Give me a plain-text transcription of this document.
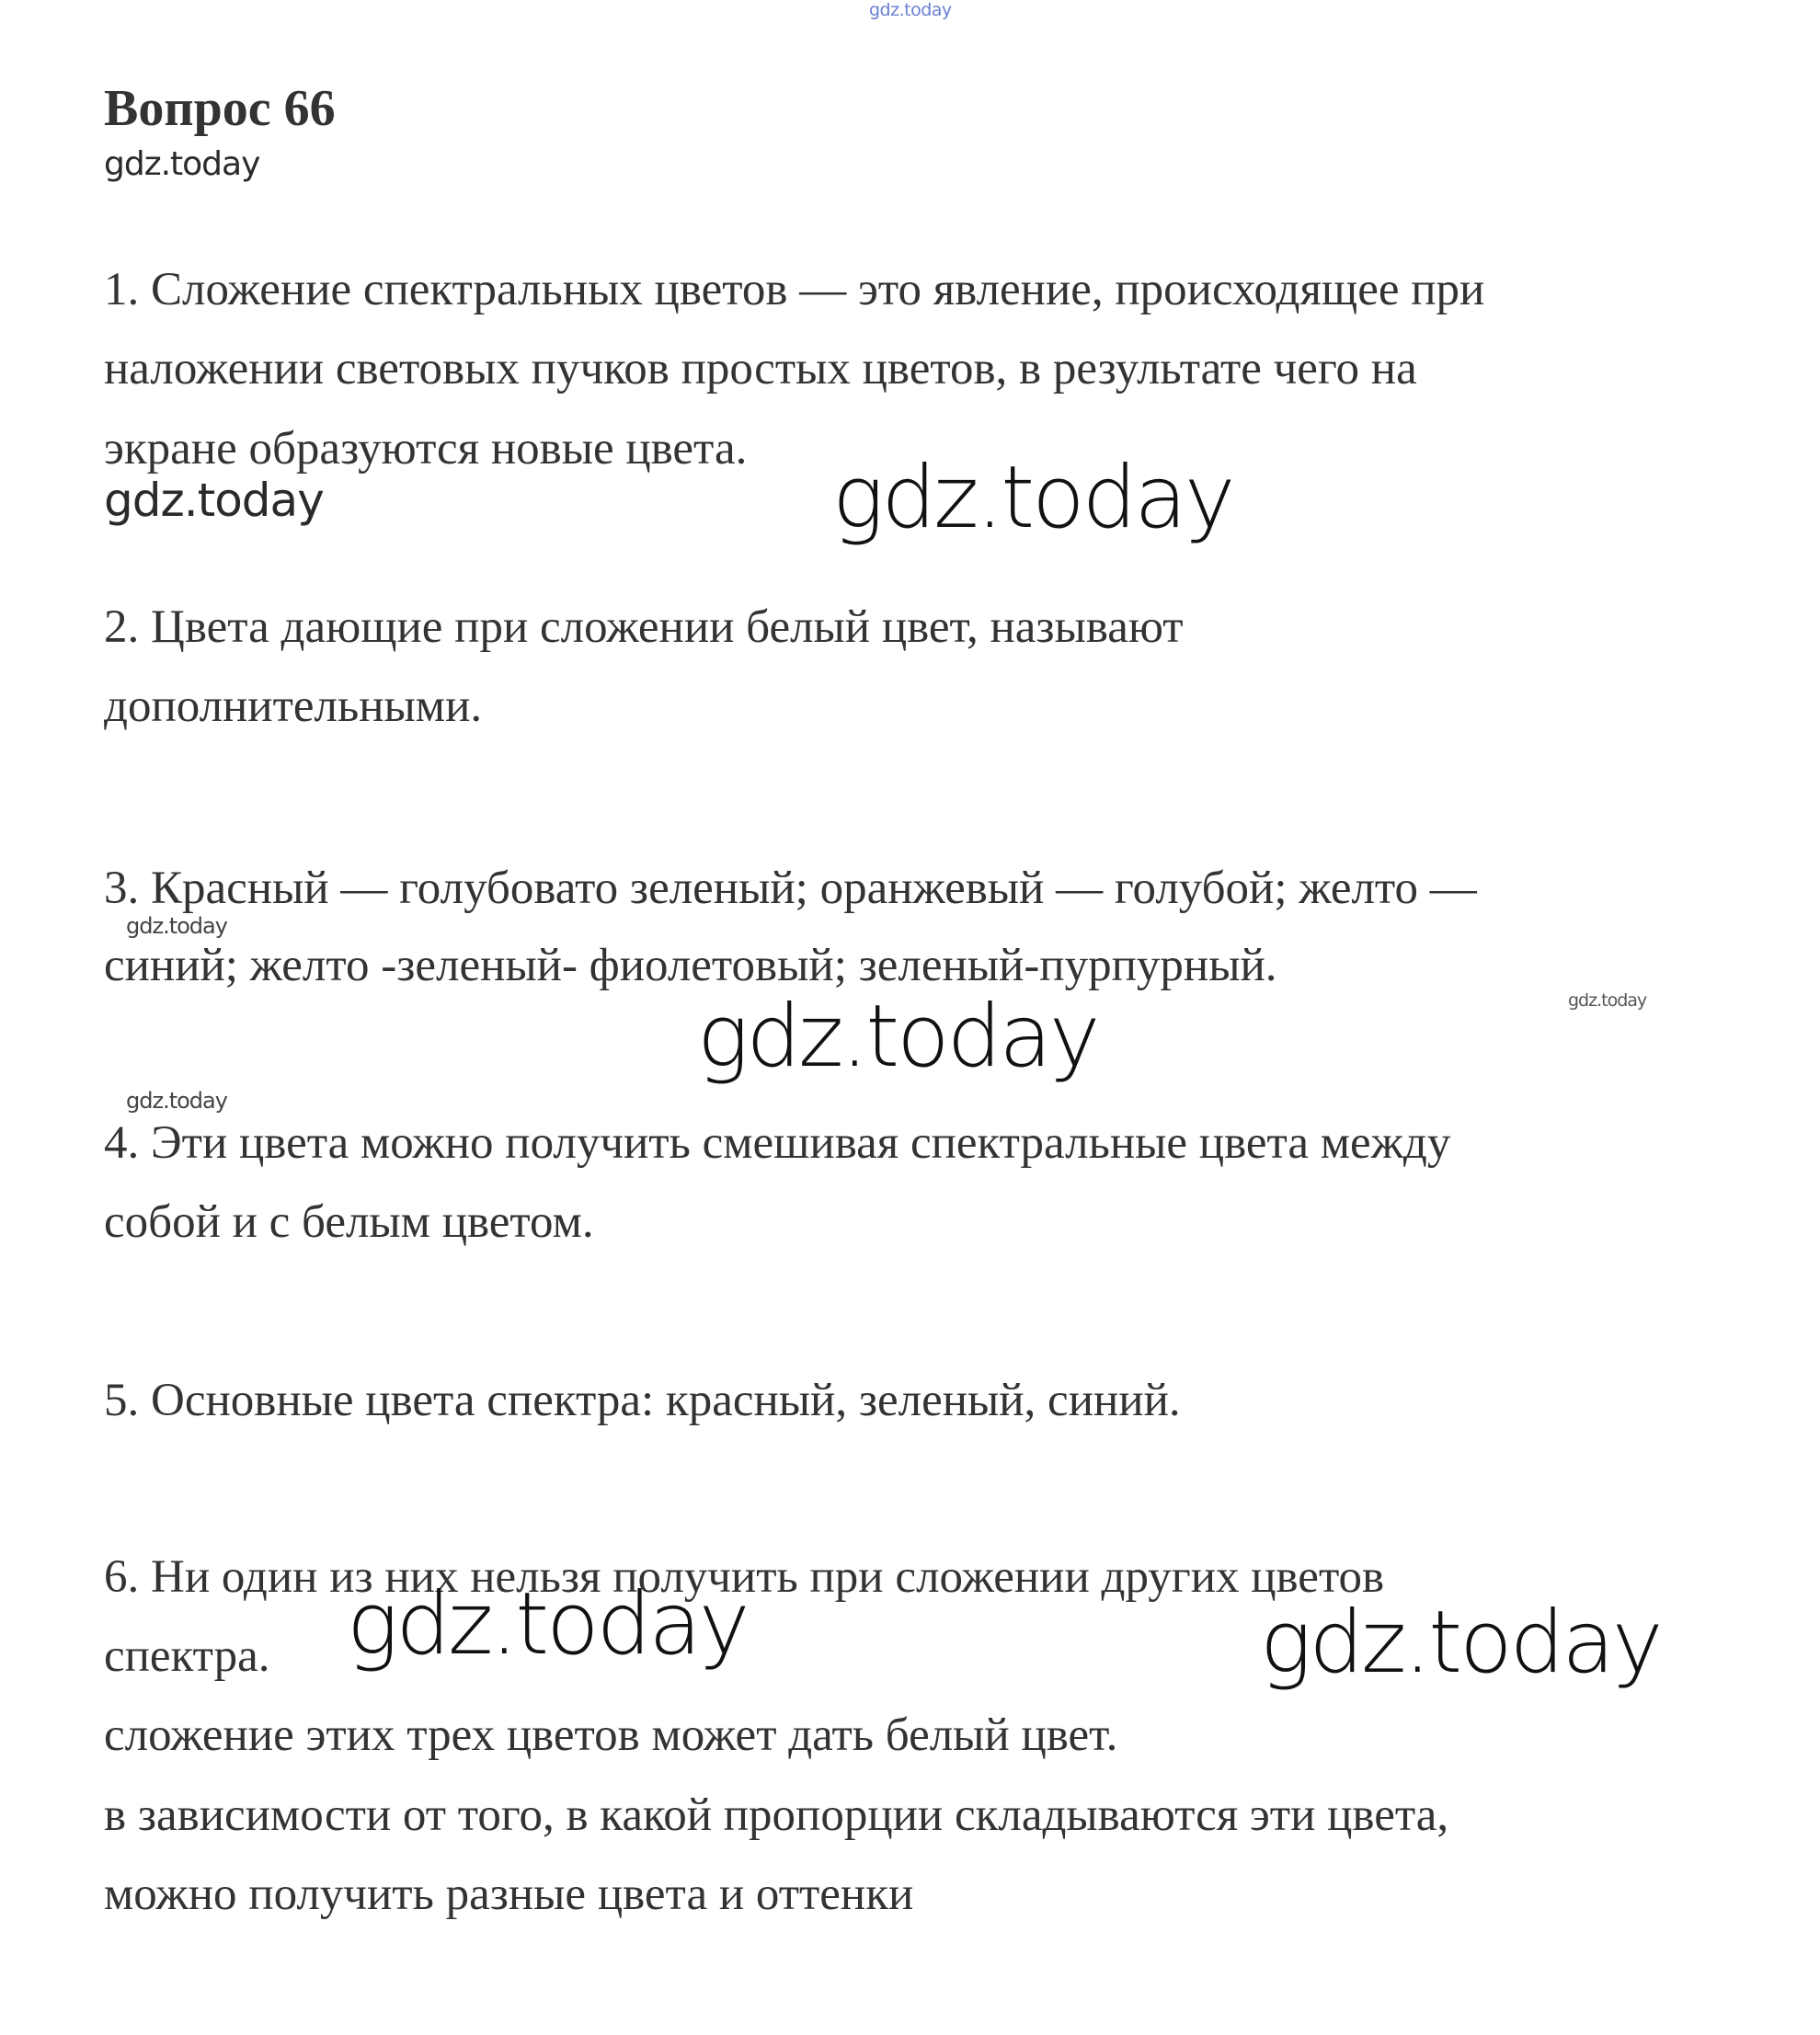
gdz.today
Вопрос 66
gdz.today
1. Сложение спектральных цветов — это явление, происходящее при
наложении световых пучков простых цветов, в результате чего на
экране образуются новые цвета.
gdz.today	gdz.today
2. Цвета дающие при сложении белый цвет, называют
дополнительными.
3. Красный — голубовато зеленый; оранжевый — голубой; желто —
gdz.today
синий; желто -зеленый- фиолетовый; зеленый-пурпурный.
gdz.today
gdz.today
gdz.today
4. Эти цвета можно получить смешивая спектральные цвета между
собой и с белым цветом.
5. Основные цвета спектра: красный, зеленый, синий.
6. Ни один из них нельзя получить при сложении других цветов
спектра. gdz.today	gdz.today
сложение этих трех цветов может дать белый цвет.
в зависимости от того, в какой пропорции складываются эти цвета,
можно получить разные цвета и оттенки
